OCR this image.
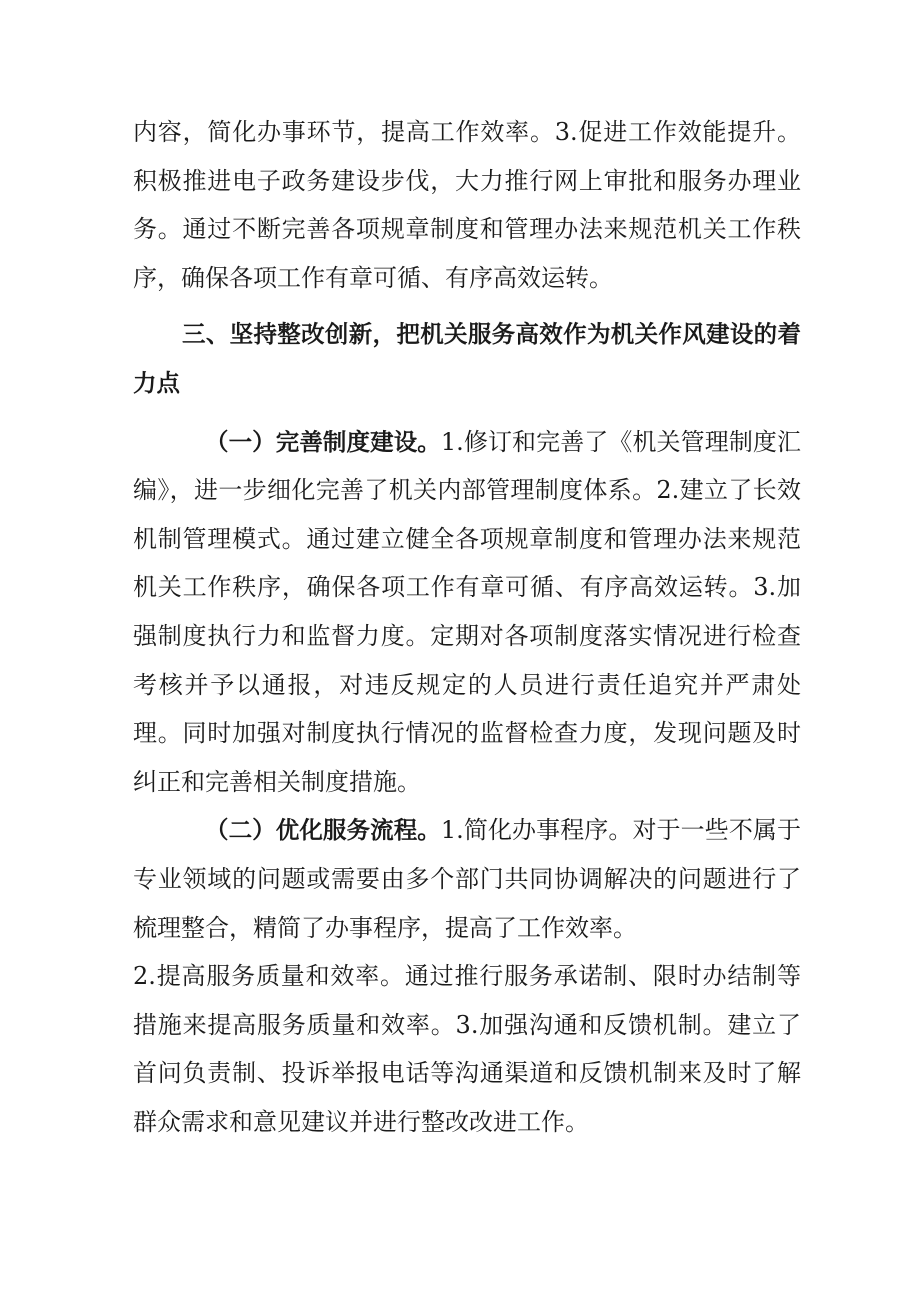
内容，简化办事环节，提高工作效率。3.促进工作效能提升。积极推进电子政务建设步伐，大力推行网上审批和服务办理业务。通过不断完善各项规章制度和管理办法来规范机关工作秩序，确保各项工作有章可循、有序高效运转。

三、坚持整改创新，把机关服务高效作为机关作风建设的着力点

（一）完善制度建设。1.修订和完善了《机关管理制度汇编》，进一步细化完善了机关内部管理制度体系。2.建立了长效机制管理模式。通过建立健全各项规章制度和管理办法来规范机关工作秩序，确保各项工作有章可循、有序高效运转。3.加强制度执行力和监督力度。定期对各项制度落实情况进行检查考核并予以通报，对违反规定的人员进行责任追究并严肃处理。同时加强对制度执行情况的监督检查力度，发现问题及时纠正和完善相关制度措施。

（二）优化服务流程。1.简化办事程序。对于一些不属于专业领域的问题或需要由多个部门共同协调解决的问题进行了梳理整合，精简了办事程序，提高了工作效率。

2.提高服务质量和效率。通过推行服务承诺制、限时办结制等措施来提高服务质量和效率。3.加强沟通和反馈机制。建立了首问负责制、投诉举报电话等沟通渠道和反馈机制来及时了解群众需求和意见建议并进行整改改进工作。
